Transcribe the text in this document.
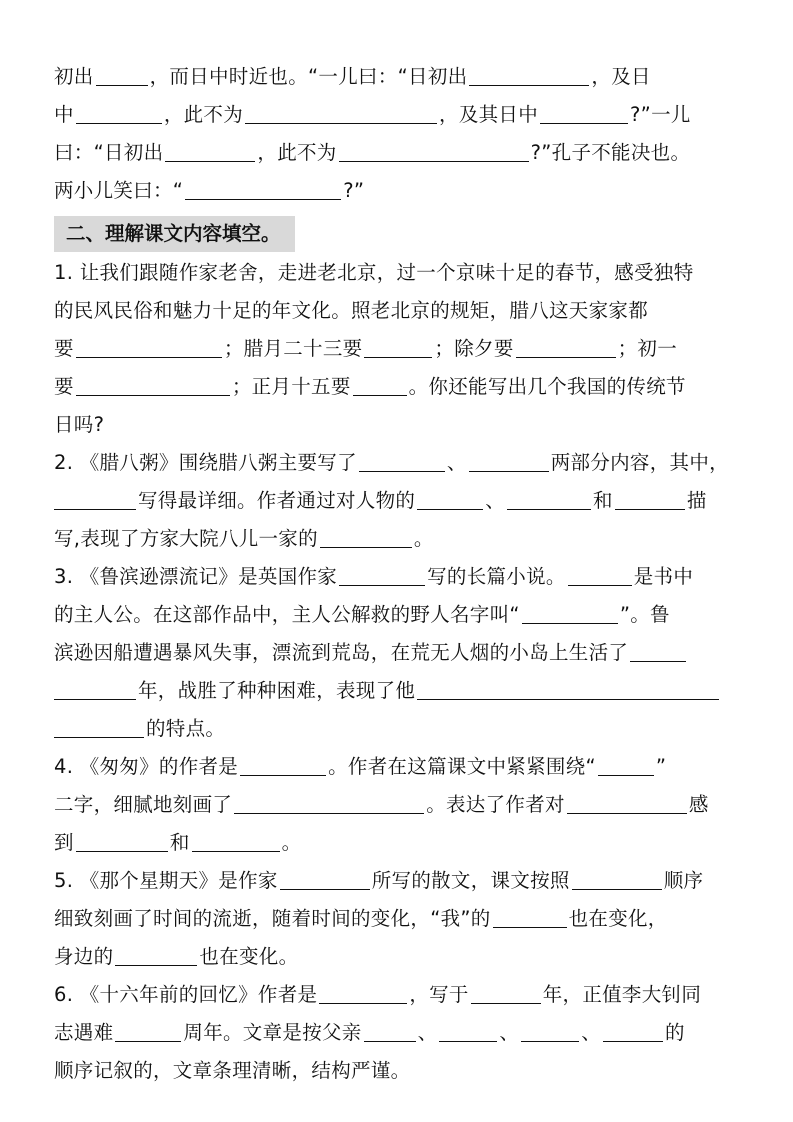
初出	，而日中时近也。“一儿曰：“日初出	，及日
中	，此不为	，及其日中	?”一儿
曰：“日初出	，此不为	?”孔子不能决也。
两小儿笑曰：“	?”
二、理解课文内容填空。
1. 让我们跟随作家老舍，走进老北京，过一个京味十足的春节，感受独特
的民风民俗和魅力十足的年文化。照老北京的规矩，腊八这天家家都
要	；腊月二十三要	；除夕要	；初一
要	；正月十五要	。你还能写出几个我国的传统节
日吗?
2. 《腊八粥》围绕腊八粥主要写了	、	两部分内容，其中，
写得最详细。作者通过对人物的	、	和	描
写,表现了方家大院八儿一家的	。
3. 《鲁滨逊漂流记》是英国作家	写的长篇小说。	是书中
的主人公。在这部作品中，主人公解救的野人名字叫“	”。鲁
滨逊因船遭遇暴风失事，漂流到荒岛，在荒无人烟的小岛上生活了
年，战胜了种种困难，表现了他
的特点。
4. 《匆匆》的作者是	。作者在这篇课文中紧紧围绕“	”
二字，细腻地刻画了	。表达了作者对	感
到	和	。
5. 《那个星期天》是作家	所写的散文，课文按照	顺序
细致刻画了时间的流逝，随着时间的变化，“我”的	也在变化，
身边的	也在变化。
6. 《十六年前的回忆》作者是	，写于	年，正值李大钊同
志遇难	周年。文章是按父亲	、	、	、	的
顺序记叙的，文章条理清晰，结构严谨。
